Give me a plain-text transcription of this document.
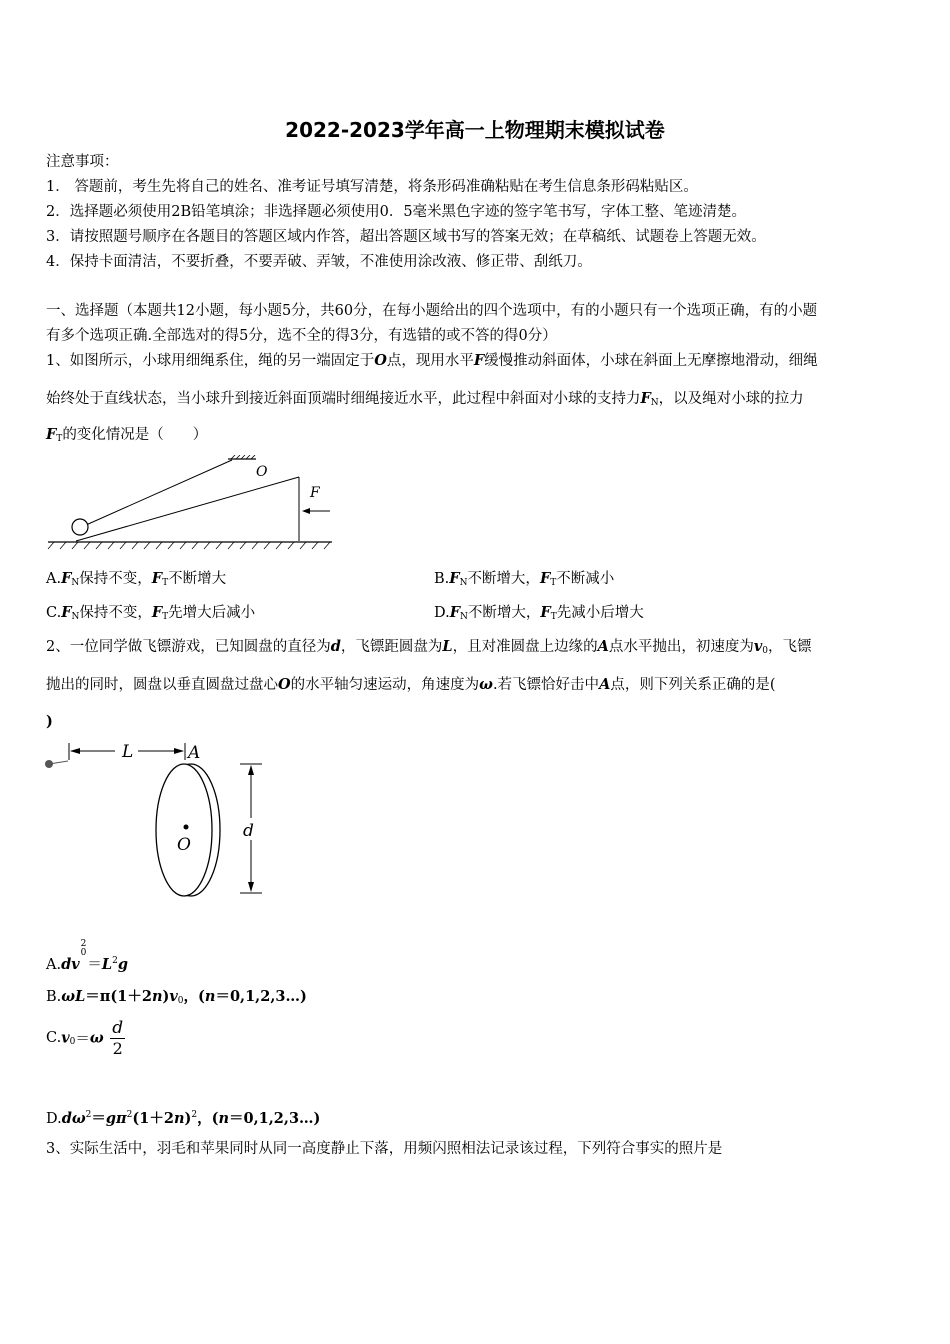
2022-2023学年高一上物理期末模拟试卷
注意事项：
1． 答题前，考生先将自己的姓名、准考证号填写清楚，将条形码准确粘贴在考生信息条形码粘贴区。
2．选择题必须使用2B铅笔填涂；非选择题必须使用0．5毫米黑色字迹的签字笔书写，字体工整、笔迹清楚。
3．请按照题号顺序在各题目的答题区域内作答，超出答题区域书写的答案无效；在草稿纸、试题卷上答题无效。
4．保持卡面清洁，不要折叠，不要弄破、弄皱，不准使用涂改液、修正带、刮纸刀。
一、选择题（本题共12小题，每小题5分，共60分，在每小题给出的四个选项中，有的小题只有一个选项正确，有的小题
有多个选项正确.全部选对的得5分，选不全的得3分，有选错的或不答的得0分）
1、如图所示，小球用细绳系住，绳的另一端固定于O点，现用水平F缓慢推动斜面体，小球在斜面上无摩擦地滑动，细绳
始终处于直线状态，当小球升到接近斜面顶端时细绳接近水平，此过程中斜面对小球的支持力$F_N$，以及绳对小球的拉力
$F_T$的变化情况是（　　）
O
F
$A.F_N$保持不变，$F_T$不断增大	$B.F_N$不断增大，$F_T$不断减小
$C.F_N$保持不变，$F_T$先增大后减小	$D.F_N$不断增大，$F_T$先减小后增大
2、一位同学做飞镖游戏，已知圆盘的直径为d，飞镖距圆盘为L，且对准圆盘上边缘的A点水平抛出，初速度为$v_0$，飞镖
抛出的同时，圆盘以垂直圆盘过盘心O的水平轴匀速运动，角速度为ω.若飞镖恰好击中A点，则下列关系正确的是(
)
L	A
O
d
A.dv
2
0
$=L^2g$
$B.\omega L=\pi(1+2n)v_0$，(n＝0,1,2,3…)
$C.v_0=\omega \frac{d}{2}$
$D.d\omega^2=g\pi^2(1+2n)^2$，(n＝0,1,2,3…)
3、实际生活中，羽毛和苹果同时从同一高度静止下落，用频闪照相法记录该过程，下列符合事实的照片是
